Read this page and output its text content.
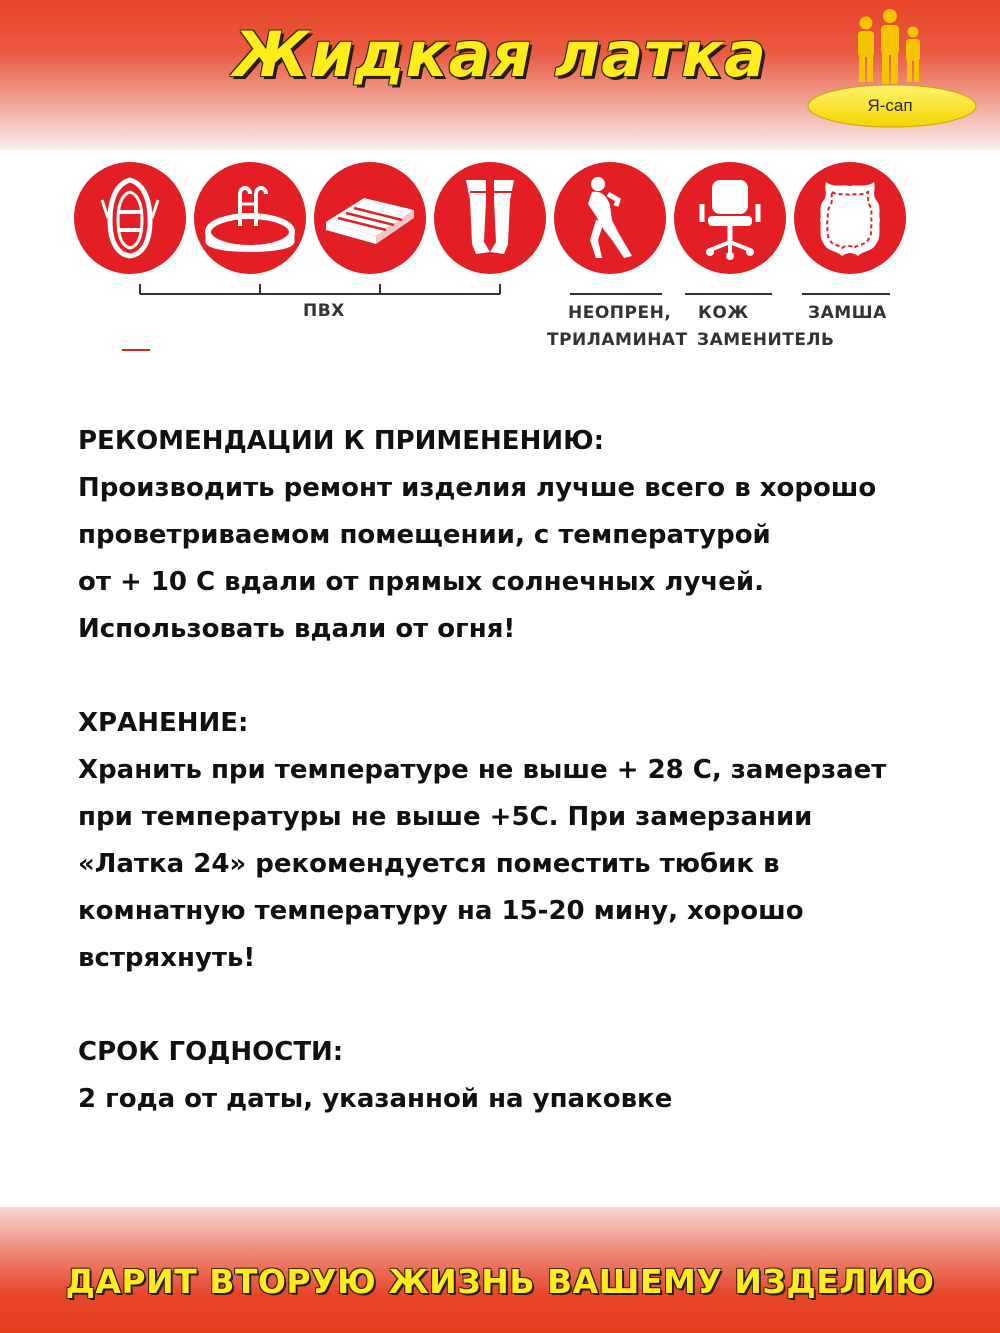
Жидкая латка
Я-сап
ПВХ	НЕОПРЕН,
ТРИЛАМИНАТ
КОЖ
ЗАМЕНИТЕЛЬ
ЗАМША
РЕКОМЕНДАЦИИ К ПРИМЕНЕНИЮ:
Производить ремонт изделия лучше всего в хорошо
проветриваемом помещении, с температурой
от + 10 С вдали от прямых солнечных лучей.
Использовать вдали от огня!
ХРАНЕНИЕ:
Хранить при температуре не выше + 28 С, замерзает
при температуры не выше +5С. При замерзании
«Латка 24» рекомендуется поместить тюбик в
комнатную температуру на 15-20 мину, хорошо
встряхнуть!
СРОК ГОДНОСТИ:
2 года от даты, указанной на упаковке
ДАРИТ ВТОРУЮ ЖИЗНЬ ВАШЕМУ ИЗДЕЛИЮ
